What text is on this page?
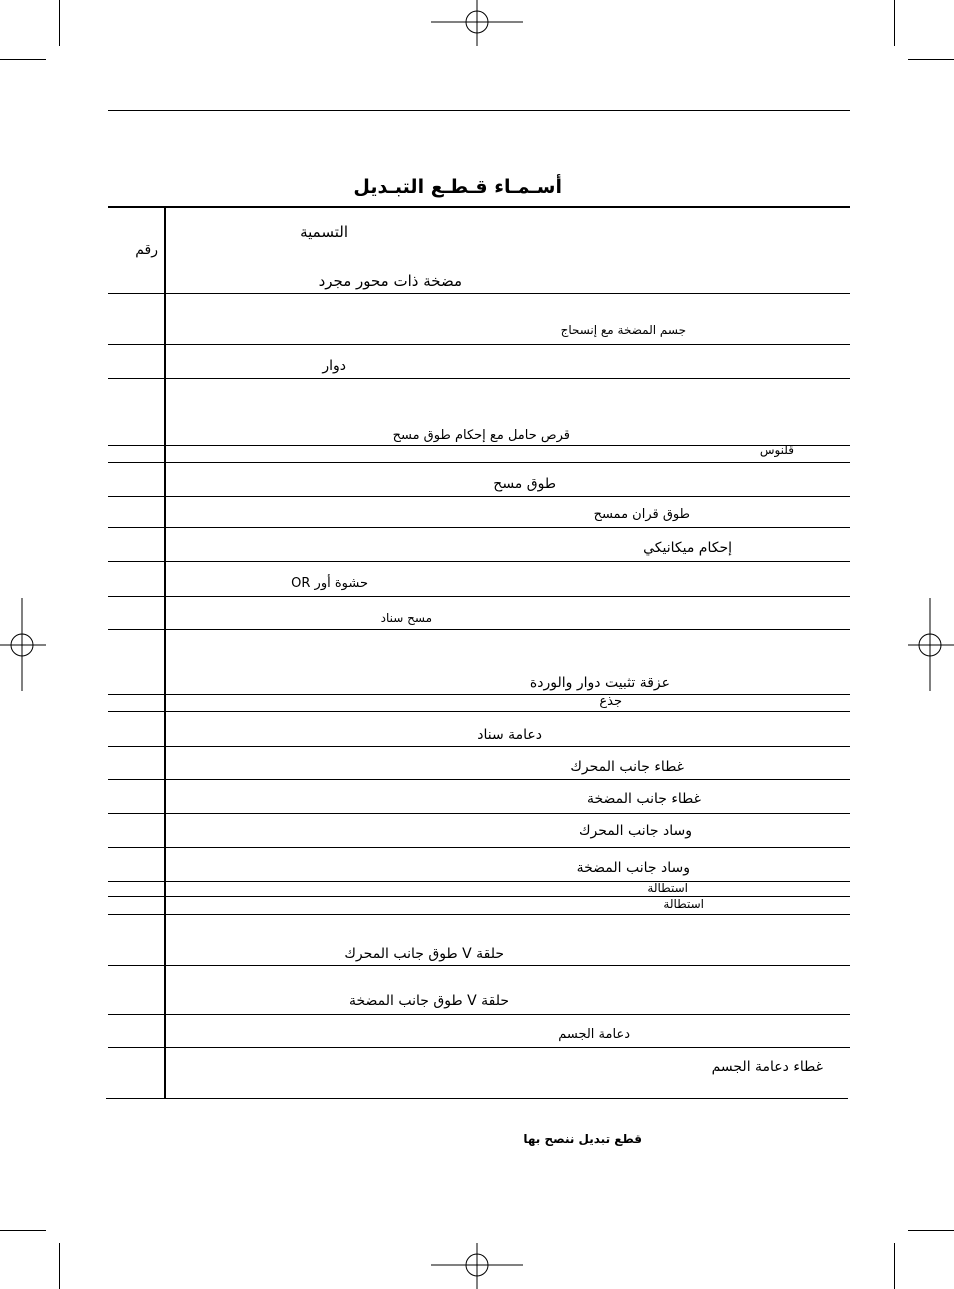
أسـمـاء قـطـع التبـديل
رقم
التسمية
مضخة ذات محور مجرد
جسم المضخة مع إنسحاج
دوار
قرص حامل مع إحكام طوق مسح
قلنوس
طوق مسح
طوق قران ممسح
إحكام ميكانيكي
حشوة أور OR
مسح سناد
عزقة تثبيت دوار والوردة
جذع
دعامة سناد
غطاء جانب المحرك
غطاء جانب المضخة
وساد جانب المحرك
وساد جانب المضخة
استطالة
استطالة
حلقة V طوق جانب المحرك
حلقة V طوق جانب المضخة
دعامة الجسم
غطاء دعامة الجسم
قطع تبديل ننصح بها
